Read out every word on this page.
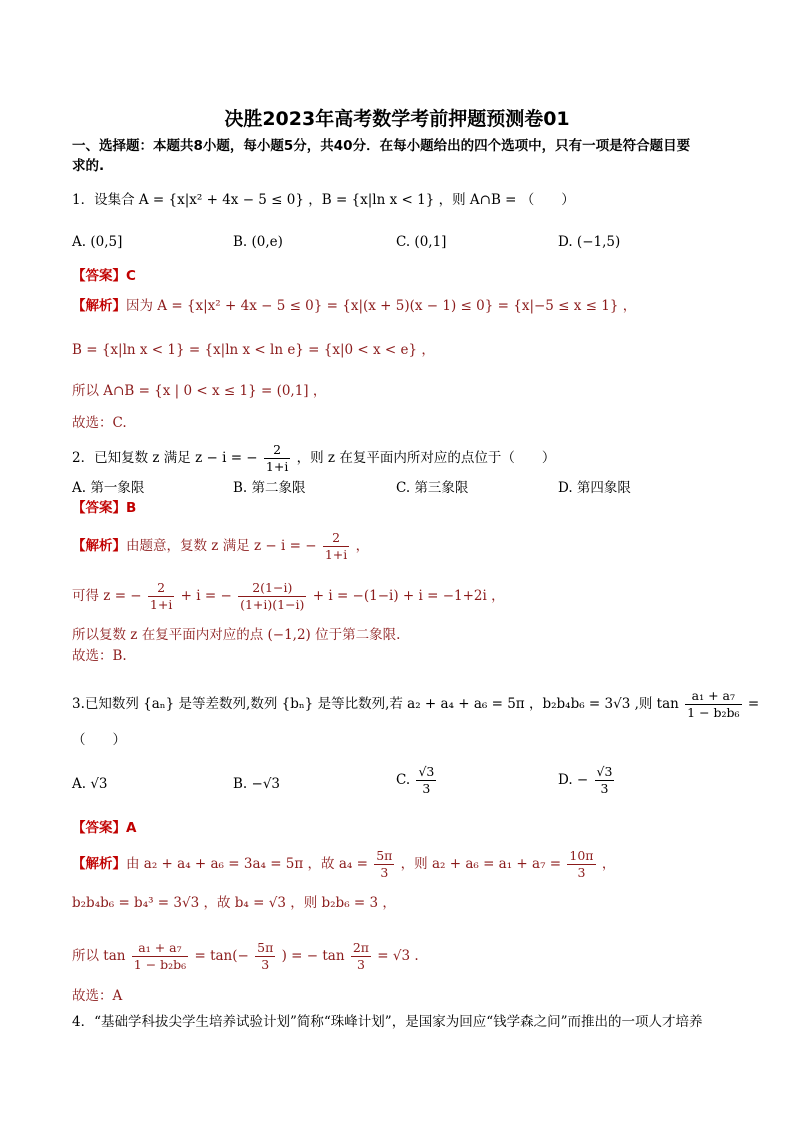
决胜2023年高考数学考前押题预测卷01
一、选择题：本题共8小题，每小题5分，共40分．在每小题给出的四个选项中，只有一项是符合题目要
求的.
1．设集合 A = {x|x² + 4x − 5 ≤ 0} ，B = {x|ln x < 1} ，则 A∩B = （　　）
A. (0,5]	B. (0,e)	C. (0,1]	D. (−1,5)
【答案】C
【解析】因为 A = {x|x² + 4x − 5 ≤ 0} = {x|(x + 5)(x − 1) ≤ 0} = {x|−5 ≤ x ≤ 1} ，
B = {x|ln x < 1} = {x|ln x < ln e} = {x|0 < x < e} ，
所以 A∩B = {x | 0 < x ≤ 1} = (0,1] ，
故选：C.
2．已知复数 z 满足 z − i = − $\frac{2}{1+i}$ ，则 z 在复平面内所对应的点位于（　　）
A. 第一象限	B. 第二象限	C. 第三象限	D. 第四象限
【答案】B
【解析】由题意，复数 z 满足 z − i = − $\frac{2}{1+i}$ ，
可得 z = − $\frac{2}{1+i} + i$ = − $\frac{2(1-i)}{(1+i)(1-i)} + i = -(1-i) + i = -1+2i$ ，
所以复数 z 在复平面内对应的点 (−1,2) 位于第二象限.
故选：B.
3.已知数列 {aₙ} 是等差数列,数列 {bₙ} 是等比数列,若 a₂ + a₄ + a₆ = 5π ，b₂b₄b₆ = 3√3 ,则 $\tan \frac{\text{a₁ + a₇}}{\text{1 − b₂b₆}}$ =
（　　）
A. √3	B. −√3	C. $\frac{√3}{3}$	D. − $\frac{√3}{3}$
【答案】A
【解析】由 a₂ + a₄ + a₆ = 3a₄ = 5π ，故 $a_4 = \frac{5\pi}{3}$ ，则 $a_2 + a_6 = a_1 + a_7 = \frac{10\pi}{3}$ ，
b₂b₄b₆ = b₄³ = 3√3 ，故 b₄ = √3 ，则 b₂b₆ = 3 ，
所以 $\tan \frac{\text{a₁ + a₇}}{\text{1 − b₂b₆}} = \tan(- \frac{5\pi}{3}$ ) = − $\tan \frac{2\pi}{3} = √3$ .
故选：A
4．“基础学科拔尖学生培养试验计划”简称“珠峰计划”，是国家为回应“钱学森之问”而推出的一项人才培养
